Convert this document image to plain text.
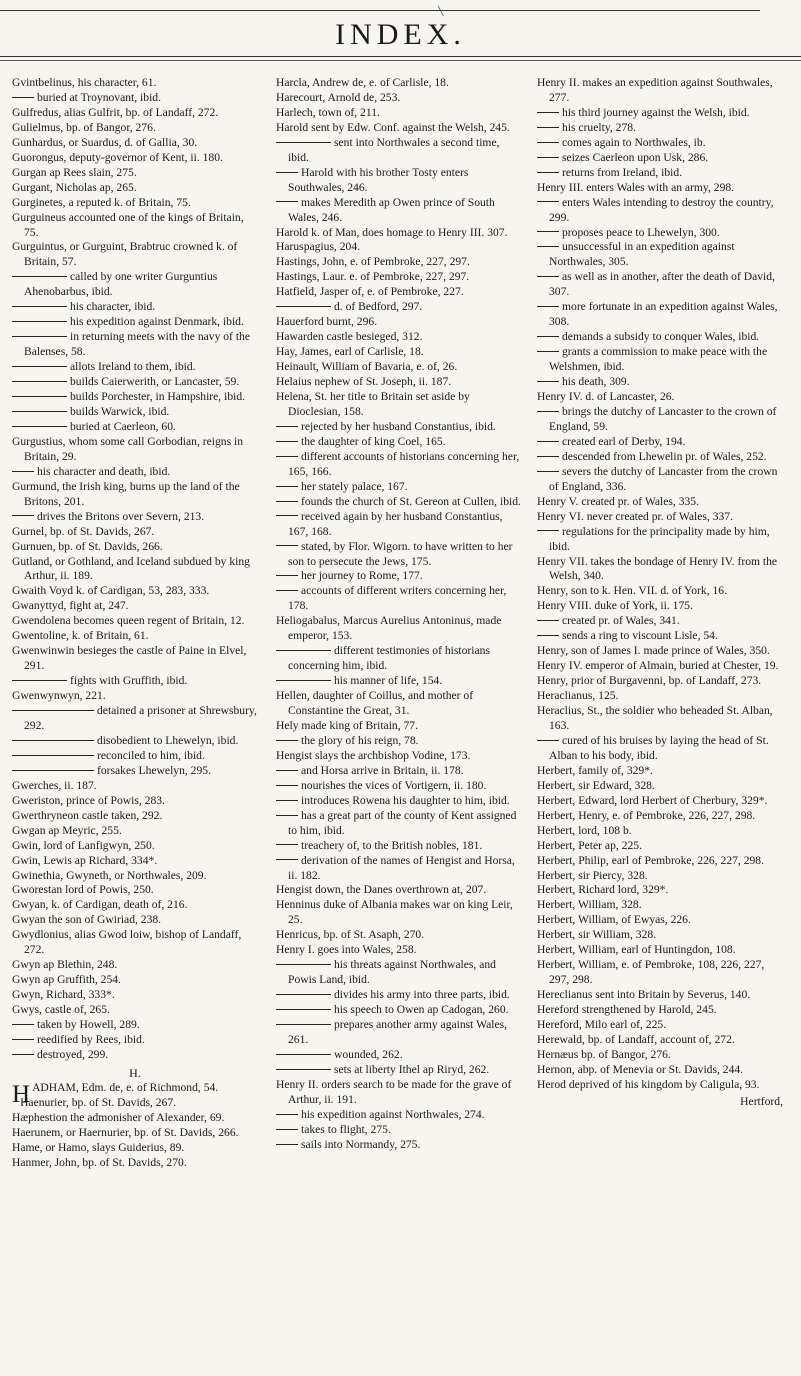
╲
INDEX.

Gvintbelinus, his character, 61.

buried at Troynovant, ibid.

Gulfredus, alias Gulfrit, bp. of Landaff, 272.

Gulielmus, bp. of Bangor, 276.

Gunhardus, or Suardus, d. of Gallia, 30.

Guorongus, deputy-governor of Kent, ii. 180.

Gurgan ap Rees slain, 275.

Gurgant, Nicholas ap, 265.

Gurginetes, a reputed k. of Britain, 75.

Gurguineus accounted one of the kings of Britain, 75.

Gurguintus, or Gurguint, Brabtruc crowned k. of Britain, 57.

called by one writer Gurguntius Ahenobarbus, ibid.

his character, ibid.

his expedition against Denmark, ibid.

in returning meets with the navy of the Balenses, 58.

allots Ireland to them, ibid.

builds Caierwerith, or Lancaster, 59.

builds Porchester, in Hampshire, ibid.

builds Warwick, ibid.

buried at Caerleon, 60.

Gurgustius, whom some call Gorbodian, reigns in Britain, 29.

his character and death, ibid.

Gurmund, the Irish king, burns up the land of the Britons, 201.

drives the Britons over Severn, 213.

Gurnel, bp. of St. Davids, 267.

Gurnuen, bp. of St. Davids, 266.

Gutland, or Gothland, and Iceland subdued by king Arthur, ii. 189.

Gwaith Voyd k. of Cardigan, 53, 283, 333.

Gwanyttyd, fight at, 247.

Gwendolena becomes queen regent of Britain, 12.

Gwentoline, k. of Britain, 61.

Gwenwinwin besieges the castle of Paine in Elvel, 291.

fights with Gruffith, ibid.

Gwenwynwyn, 221.

detained a prisoner at Shrewsbury, 292.

disobedient to Lhewelyn, ibid.

reconciled to him, ibid.

forsakes Lhewelyn, 295.

Gwerches, ii. 187.

Gweriston, prince of Powis, 283.

Gwerthryneon castle taken, 292.

Gwgan ap Meyric, 255.

Gwin, lord of Lanfigwyn, 250.

Gwin, Lewis ap Richard, 334*.

Gwinethia, Gwyneth, or Northwales, 209.

Gworestan lord of Powis, 250.

Gwyan, k. of Cardigan, death of, 216.

Gwyan the son of Gwiriad, 238.

Gwydlonius, alias Gwod loiw, bishop of Landaff, 272.

Gwyn ap Blethin, 248.

Gwyn ap Gruffith, 254.

Gwyn, Richard, 333*.

Gwys, castle of, 265.

taken by Howell, 289.

reedified by Rees, ibid.

destroyed, 299.

H.

HADHAM, Edm. de, e. of Richmond, 54.

Haenurier, bp. of St. Davids, 267.

Hæphestion the admonisher of Alexander, 69.

Haerunem, or Haernurier, bp. of St. Davids, 266.

Hame, or Hamo, slays Guiderius, 89.

Hanmer, John, bp. of St. Davids, 270.

Harcla, Andrew de, e. of Carlisle, 18.

Harecourt, Arnold de, 253.

Harlech, town of, 211.

Harold sent by Edw. Conf. against the Welsh, 245.

sent into Northwales a second time, ibid.

Harold with his brother Tosty enters Southwales, 246.

makes Meredith ap Owen prince of South Wales, 246.

Harold k. of Man, does homage to Henry III. 307.

Haruspagius, 204.

Hastings, John, e. of Pembroke, 227, 297.

Hastings, Laur. e. of Pembroke, 227, 297.

Hatfield, Jasper of, e. of Pembroke, 227.

d. of Bedford, 297.

Hauerford burnt, 296.

Hawarden castle besieged, 312.

Hay, James, earl of Carlisle, 18.

Heinault, William of Bavaria, e. of, 26.

Helaius nephew of St. Joseph, ii. 187.

Helena, St. her title to Britain set aside by Dioclesian, 158.

rejected by her husband Constantius, ibid.

the daughter of king Coel, 165.

different accounts of historians concerning her, 165, 166.

her stately palace, 167.

founds the church of St. Gereon at Cullen, ibid.

received again by her husband Constantius, 167, 168.

stated, by Flor. Wigorn. to have written to her son to persecute the Jews, 175.

her journey to Rome, 177.

accounts of different writers concerning her, 178.

Heliogabalus, Marcus Aurelius Antoninus, made emperor, 153.

different testimonies of historians concerning him, ibid.

his manner of life, 154.

Hellen, daughter of Coillus, and mother of Constantine the Great, 31.

Hely made king of Britain, 77.

the glory of his reign, 78.

Hengist slays the archbishop Vodine, 173.

and Horsa arrive in Britain, ii. 178.

nourishes the vices of Vortigern, ii. 180.

introduces Rowena his daughter to him, ibid.

has a great part of the county of Kent assigned to him, ibid.

treachery of, to the British nobles, 181.

derivation of the names of Hengist and Horsa, ii. 182.

Hengist down, the Danes overthrown at, 207.

Henninus duke of Albania makes war on king Leir, 25.

Henricus, bp. of St. Asaph, 270.

Henry I. goes into Wales, 258.

his threats against Northwales, and Powis Land, ibid.

divides his army into three parts, ibid.

his speech to Owen ap Cadogan, 260.

prepares another army against Wales, 261.

wounded, 262.

sets at liberty Ithel ap Riryd, 262.

Henry II. orders search to be made for the grave of Arthur, ii. 191.

his expedition against Northwales, 274.

takes to flight, 275.

sails into Normandy, 275.

Henry II. makes an expedition against Southwales, 277.

his third journey against the Welsh, ibid.

his cruelty, 278.

comes again to Northwales, ib.

seizes Caerleon upon Usk, 286.

returns from Ireland, ibid.

Henry III. enters Wales with an army, 298.

enters Wales intending to destroy the country, 299.

proposes peace to Lhewelyn, 300.

unsuccessful in an expedition against Northwales, 305.

as well as in another, after the death of David, 307.

more fortunate in an expedition against Wales, 308.

demands a subsidy to conquer Wales, ibid.

grants a commission to make peace with the Welshmen, ibid.

his death, 309.

Henry IV. d. of Lancaster, 26.

brings the dutchy of Lancaster to the crown of England, 59.

created earl of Derby, 194.

descended from Lhewelin pr. of Wales, 252.

severs the dutchy of Lancaster from the crown of England, 336.

Henry V. created pr. of Wales, 335.

Henry VI. never created pr. of Wales, 337.

regulations for the principality made by him, ibid.

Henry VII. takes the bondage of Henry IV. from the Welsh, 340.

Henry, son to k. Hen. VII. d. of York, 16.

Henry VIII. duke of York, ii. 175.

created pr. of Wales, 341.

sends a ring to viscount Lisle, 54.

Henry, son of James I. made prince of Wales, 350.

Henry IV. emperor of Almain, buried at Chester, 19.

Henry, prior of Burgavenni, bp. of Landaff, 273.

Heraclianus, 125.

Heraclius, St., the soldier who beheaded St. Alban, 163.

cured of his bruises by laying the head of St. Alban to his body, ibid.

Herbert, family of, 329*.

Herbert, sir Edward, 328.

Herbert, Edward, lord Herbert of Cherbury, 329*.

Herbert, Henry, e. of Pembroke, 226, 227, 298.

Herbert, lord, 108 b.

Herbert, Peter ap, 225.

Herbert, Philip, earl of Pembroke, 226, 227, 298.

Herbert, sir Piercy, 328.

Herbert, Richard lord, 329*.

Herbert, William, 328.

Herbert, William, of Ewyas, 226.

Herbert, sir William, 328.

Herbert, William, earl of Huntingdon, 108.

Herbert, William, e. of Pembroke, 108, 226, 227, 297, 298.

Hereclianus sent into Britain by Severus, 140.

Hereford strengthened by Harold, 245.

Hereford, Milo earl of, 225.

Herewald, bp. of Landaff, account of, 272.

Hernæus bp. of Bangor, 276.

Hernon, abp. of Menevia or St. Davids, 244.

Herod deprived of his kingdom by Caligula, 93.

Hertford,
